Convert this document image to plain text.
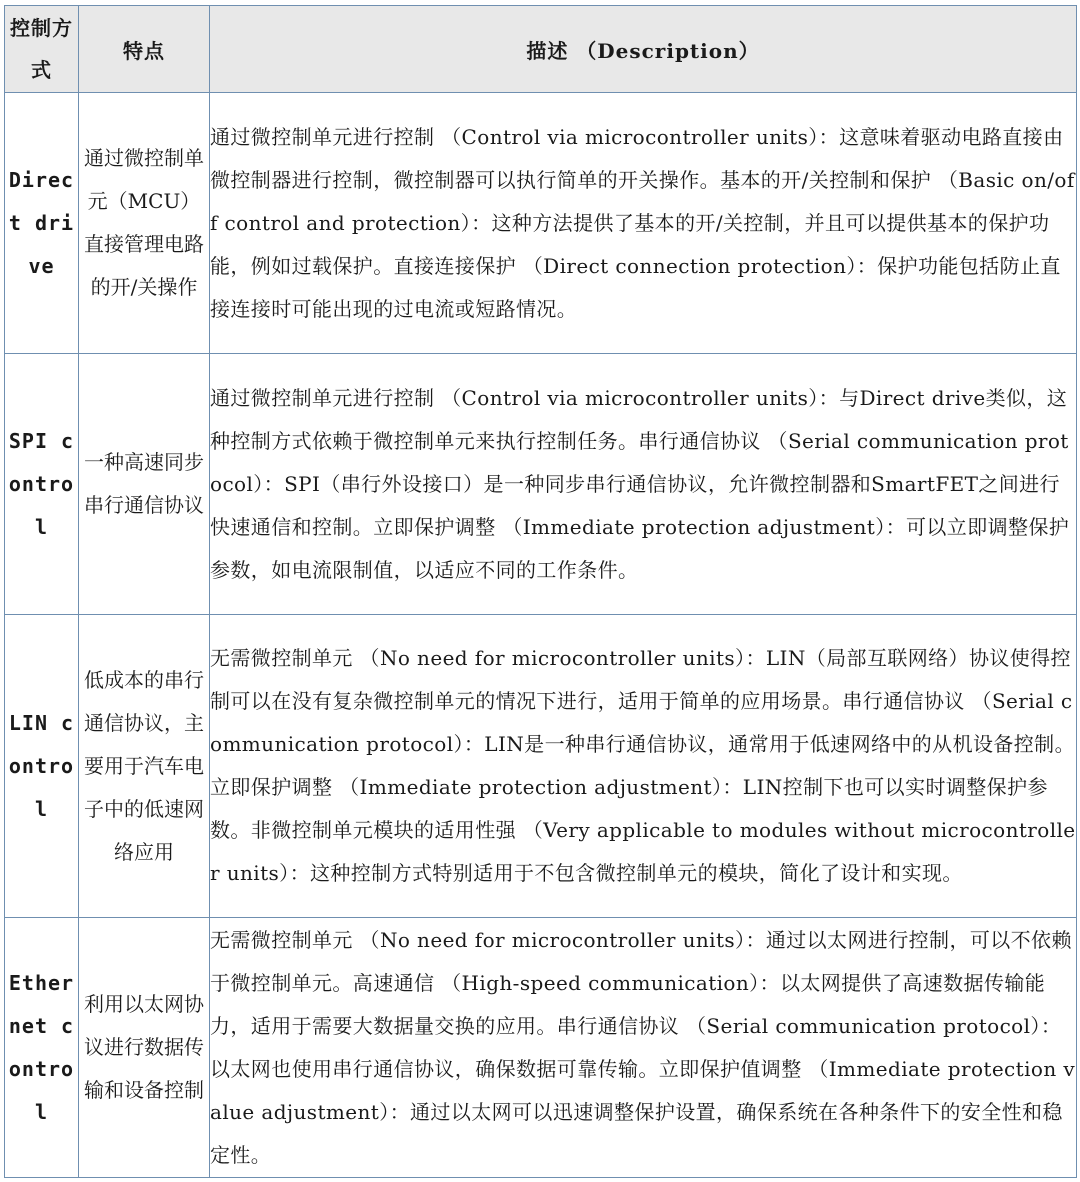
控制方式	特点	描述 （Description）
Direct drive	通过微控制单元（MCU）直接管理电路的开/关操作	通过微控制单元进行控制 （Control via microcontroller units）：这意味着驱动电路直接由微控制器进行控制，微控制器可以执行简单的开关操作。基本的开/关控制和保护 （Basic on/off control and protection）：这种方法提供了基本的开/关控制，并且可以提供基本的保护功能，例如过载保护。直接连接保护 （Direct connection protection）：保护功能包括防止直接连接时可能出现的过电流或短路情况。
SPI control	一种高速同步串行通信协议	通过微控制单元进行控制 （Control via microcontroller units）：与Direct drive类似，这种控制方式依赖于微控制单元来执行控制任务。串行通信协议 （Serial communication protocol）：SPI（串行外设接口）是一种同步串行通信协议，允许微控制器和SmartFET之间进行快速通信和控制。立即保护调整 （Immediate protection adjustment）：可以立即调整保护参数，如电流限制值，以适应不同的工作条件。
LIN control	低成本的串行通信协议，主要用于汽车电子中的低速网络应用	无需微控制单元 （No need for microcontroller units）：LIN（局部互联网络）协议使得控制可以在没有复杂微控制单元的情况下进行，适用于简单的应用场景。串行通信协议 （Serial communication protocol）：LIN是一种串行通信协议，通常用于低速网络中的从机设备控制。立即保护调整 （Immediate protection adjustment）：LIN控制下也可以实时调整保护参数。非微控制单元模块的适用性强 （Very applicable to modules without microcontroller units）：这种控制方式特别适用于不包含微控制单元的模块，简化了设计和实现。
Ethernet control	利用以太网协议进行数据传输和设备控制	无需微控制单元 （No need for microcontroller units）：通过以太网进行控制，可以不依赖于微控制单元。高速通信 （High-speed communication）：以太网提供了高速数据传输能力，适用于需要大数据量交换的应用。串行通信协议 （Serial communication protocol）：以太网也使用串行通信协议，确保数据可靠传输。立即保护值调整 （Immediate protection value adjustment）：通过以太网可以迅速调整保护设置，确保系统在各种条件下的安全性和稳定性。
